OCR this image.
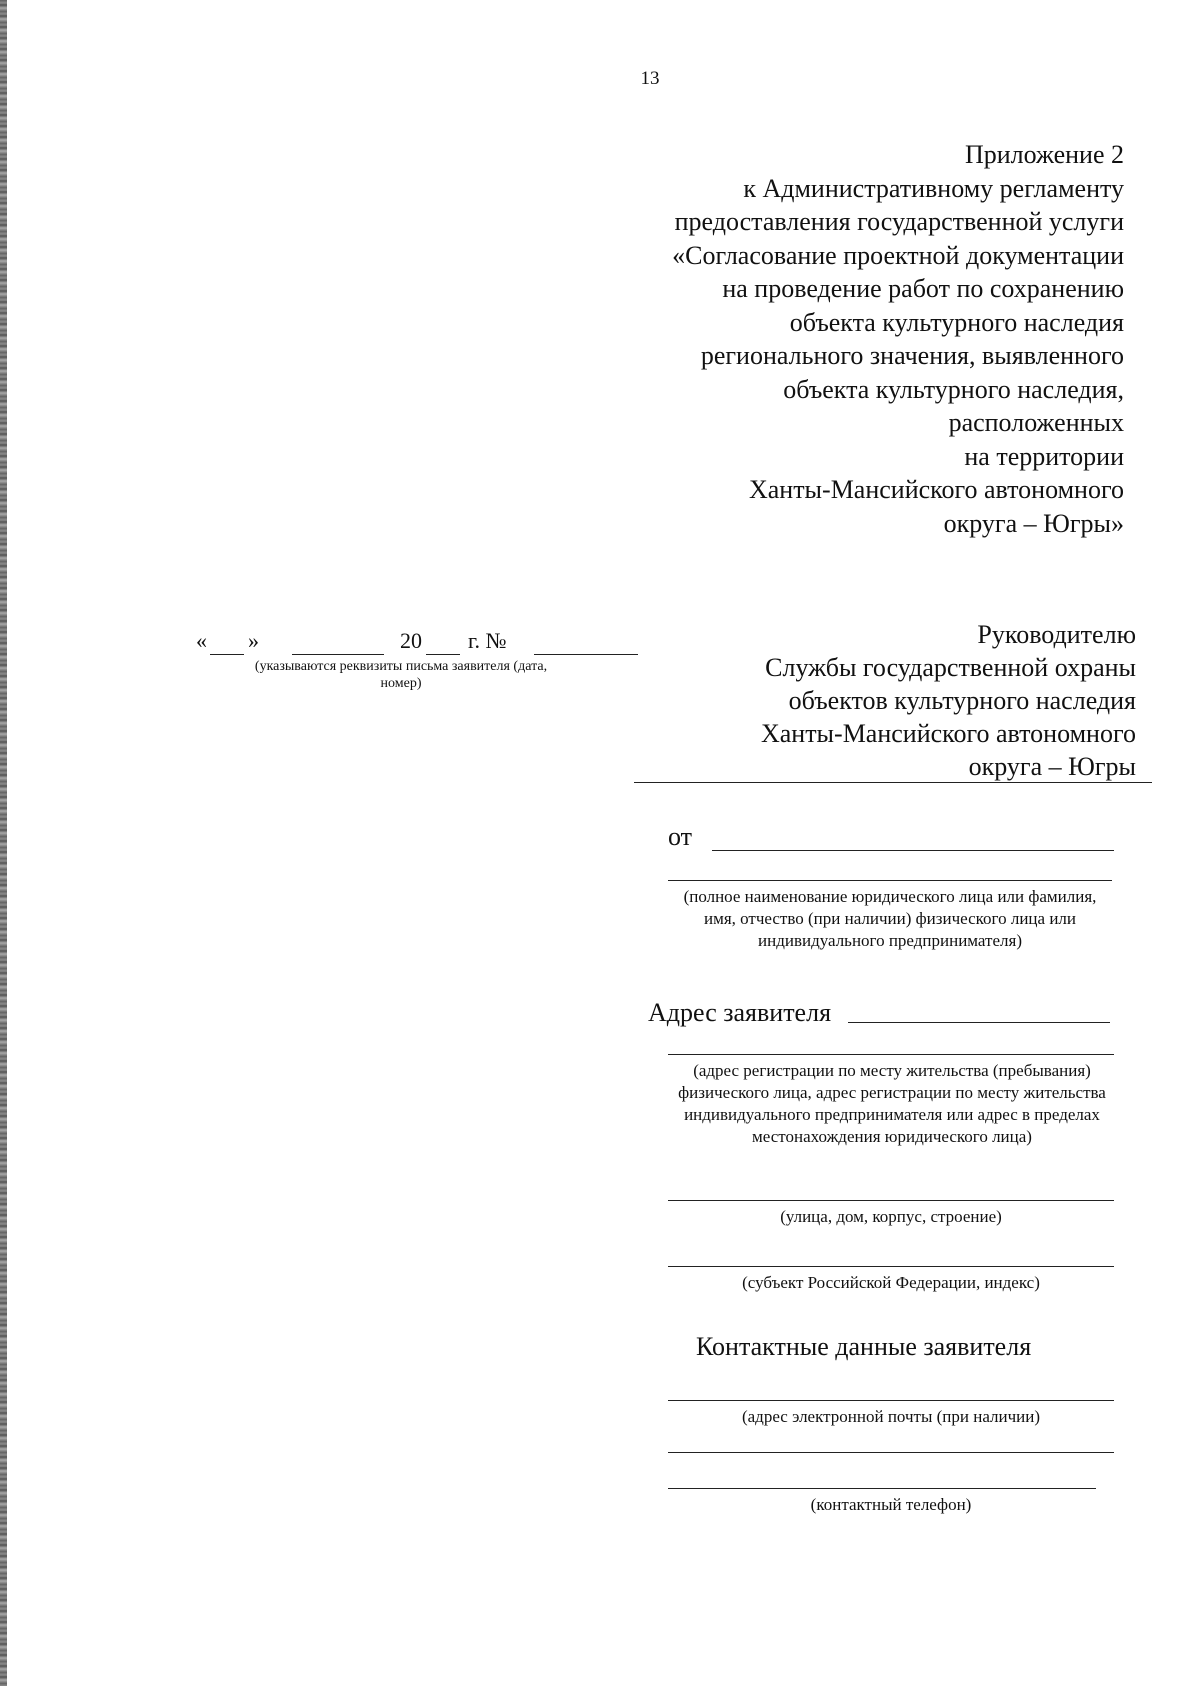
13
Приложение 2
к Административному регламенту
предоставления государственной услуги
«Согласование проектной документации
на проведение работ по сохранению
объекта культурного наследия
регионального значения, выявленного
объекта культурного наследия,
расположенных
на территории
Ханты-Мансийского автономного
округа – Югры»
« »	20 г. №
(указываются реквизиты письма заявителя (дата, номер)
Руководителю
Службы государственной охраны
объектов культурного наследия
Ханты-Мансийского автономного
округа – Югры
от
(полное наименование юридического лица или фамилия, имя, отчество (при наличии) физического лица или индивидуального предпринимателя)
Адрес заявителя
(адрес регистрации по месту жительства (пребывания) физического лица, адрес регистрации по месту жительства индивидуального предпринимателя или адрес в пределах местонахождения юридического лица)
(улица, дом, корпус, строение)
(субъект Российской Федерации, индекс)
Контактные данные заявителя
(адрес электронной почты (при наличии)
(контактный телефон)
